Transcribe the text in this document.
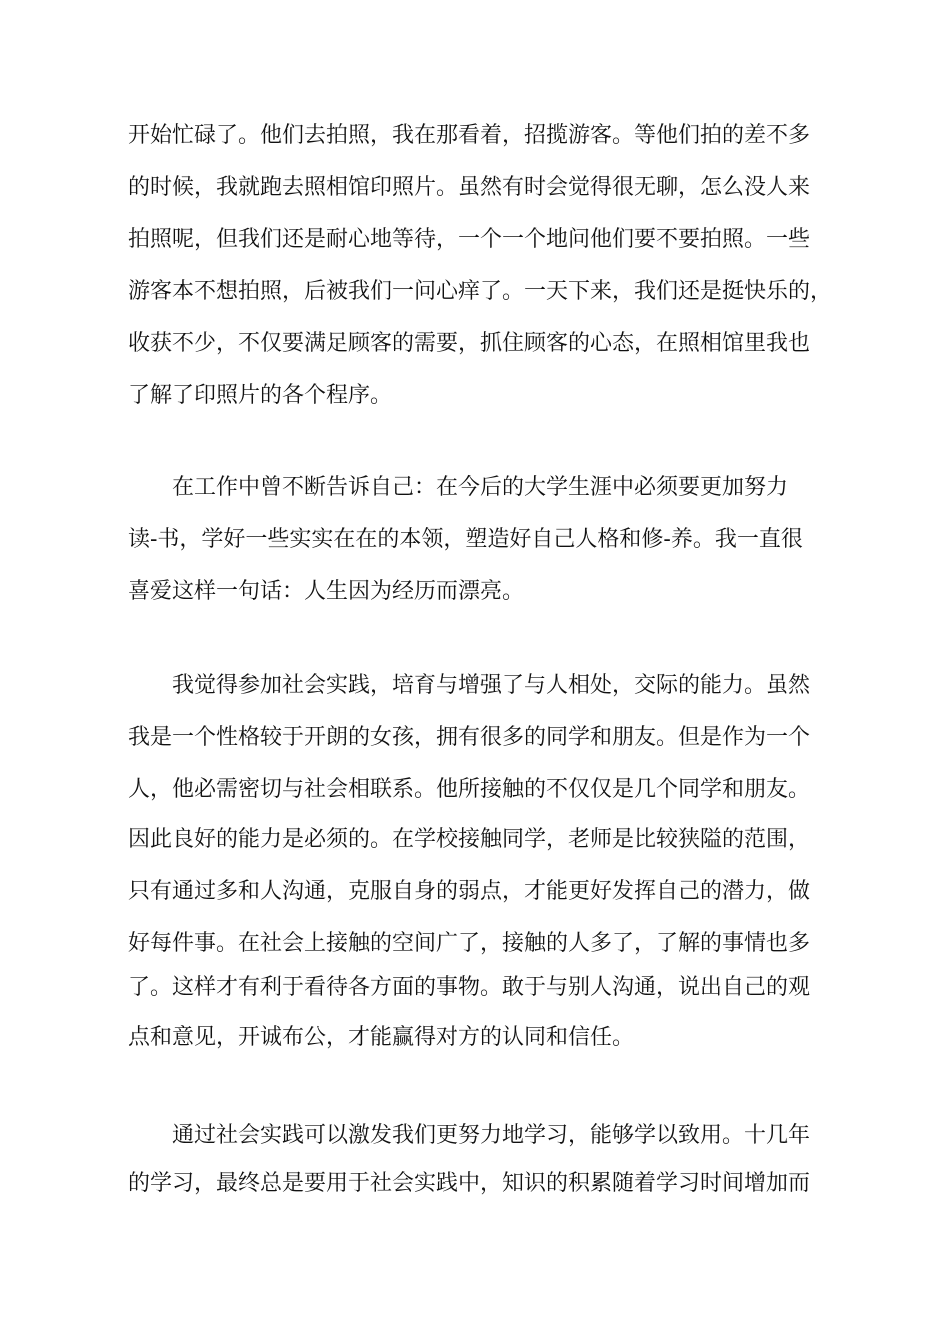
开始忙碌了。他们去拍照，我在那看着，招揽游客。等他们拍的差不多
的时候，我就跑去照相馆印照片。虽然有时会觉得很无聊，怎么没人来
拍照呢，但我们还是耐心地等待，一个一个地问他们要不要拍照。一些
游客本不想拍照，后被我们一问心痒了。一天下来，我们还是挺快乐的，
收获不少，不仅要满足顾客的需要，抓住顾客的心态，在照相馆里我也
了解了印照片的各个程序。
在工作中曾不断告诉自己：在今后的大学生涯中必须要更加努力
读-书，学好一些实实在在的本领，塑造好自己人格和修-养。我一直很
喜爱这样一句话：人生因为经历而漂亮。
我觉得参加社会实践，培育与增强了与人相处，交际的能力。虽然
我是一个性格较于开朗的女孩，拥有很多的同学和朋友。但是作为一个
人，他必需密切与社会相联系。他所接触的不仅仅是几个同学和朋友。
因此良好的能力是必须的。在学校接触同学，老师是比较狭隘的范围，
只有通过多和人沟通，克服自身的弱点，才能更好发挥自己的潜力，做
好每件事。在社会上接触的空间广了，接触的人多了，了解的事情也多
了。这样才有利于看待各方面的事物。敢于与别人沟通，说出自己的观
点和意见，开诚布公，才能赢得对方的认同和信任。
通过社会实践可以激发我们更努力地学习，能够学以致用。十几年
的学习，最终总是要用于社会实践中，知识的积累随着学习时间增加而
